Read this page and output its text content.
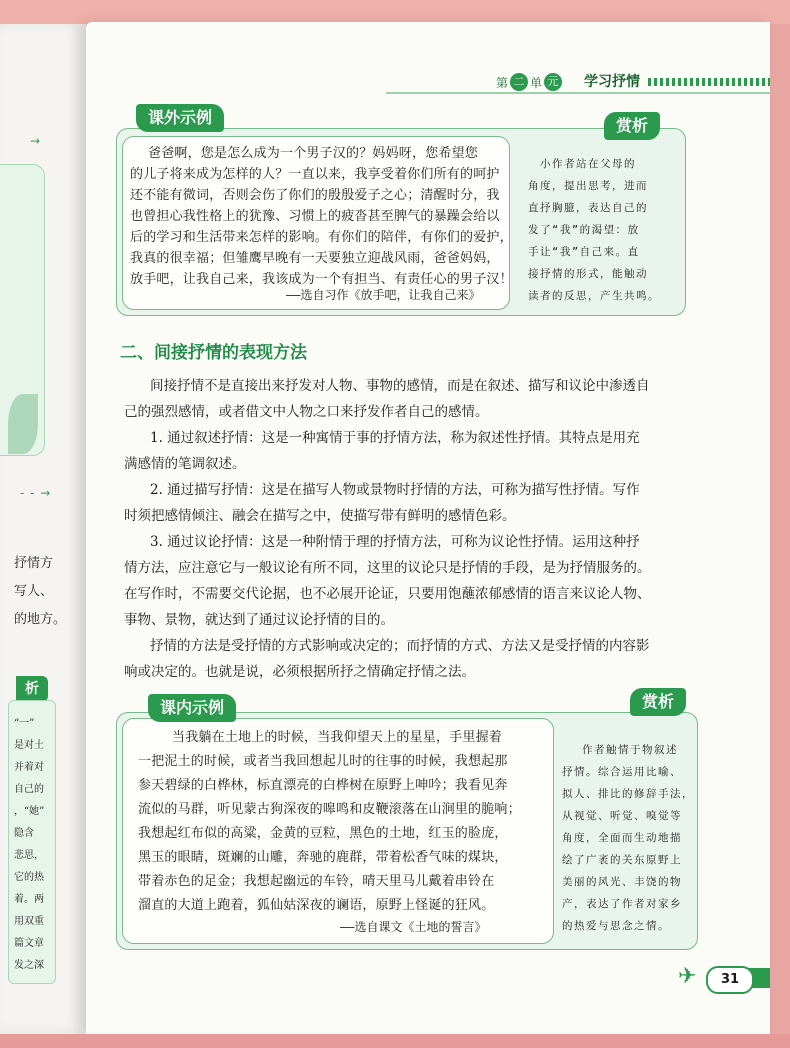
→
- - →
抒情方
写人、
的地方。
析
“一”
是对土
并着对
自己的
，“她”
隐含
悲思，
它的热
着。两
用双重
篇文章
发之深
第 二 单 元 学习抒情
课外示例	赏析
爸爸啊，您是怎么成为一个男子汉的？妈妈呀，您希望您
的儿子将来成为怎样的人？一直以来，我享受着你们所有的呵护
还不能有微词，否则会伤了你们的殷殷爱子之心；清醒时分，我
也曾担心我性格上的犹豫、习惯上的疲沓甚至脾气的暴躁会给以
后的学习和生活带来怎样的影响。有你们的陪伴，有你们的爱护，
我真的很幸福；但雏鹰早晚有一天要独立迎战风雨，爸爸妈妈，
放手吧，让我自己来，我该成为一个有担当、有责任心的男子汉！
——选自习作《放手吧，让我自己来》
小作者站在父母的
角度，提出思考，进而
直抒胸臆，表达自己的
发了“我”的渴望：放
手让“我”自己来。直
接抒情的形式，能触动
读者的反思，产生共鸣。
二、间接抒情的表现方法
间接抒情不是直接出来抒发对人物、事物的感情，而是在叙述、描写和议论中渗透自
己的强烈感情，或者借文中人物之口来抒发作者自己的感情。
1. 通过叙述抒情：这是一种寓情于事的抒情方法，称为叙述性抒情。其特点是用充
满感情的笔调叙述。
2. 通过描写抒情：这是在描写人物或景物时抒情的方法，可称为描写性抒情。写作
时须把感情倾注、融会在描写之中，使描写带有鲜明的感情色彩。
3. 通过议论抒情：这是一种附情于理的抒情方法，可称为议论性抒情。运用这种抒
情方法，应注意它与一般议论有所不同，这里的议论只是抒情的手段，是为抒情服务的。
在写作时，不需要交代论据，也不必展开论证，只要用饱蘸浓郁感情的语言来议论人物、
事物、景物，就达到了通过议论抒情的目的。
抒情的方法是受抒情的方式影响或决定的；而抒情的方式、方法又是受抒情的内容影
响或决定的。也就是说，必须根据所抒之情确定抒情之法。
课内示例	赏析
当我躺在土地上的时候，当我仰望天上的星星，手里握着
一把泥土的时候，或者当我回想起儿时的往事的时候，我想起那
参天碧绿的白桦林，标直漂亮的白桦树在原野上呻吟；我看见奔
流似的马群，听见蒙古狗深夜的嗥鸣和皮鞭滚落在山涧里的脆响；
我想起红布似的高粱，金黄的豆粒，黑色的土地，红玉的脸庞，
黑玉的眼睛，斑斓的山雕，奔驰的鹿群，带着松香气味的煤块，
带着赤色的足金；我想起幽远的车铃，晴天里马儿戴着串铃在
溜直的大道上跑着，狐仙姑深夜的谰语，原野上怪诞的狂风。
——选自课文《土地的誓言》
作者触情于物叙述
抒情。综合运用比喻、
拟人、排比的修辞手法，
从视觉、听觉、嗅觉等
角度，全面而生动地描
绘了广袤的关东原野上
美丽的风光、丰饶的物
产，表达了作者对家乡
的热爱与思念之情。
✈	31
